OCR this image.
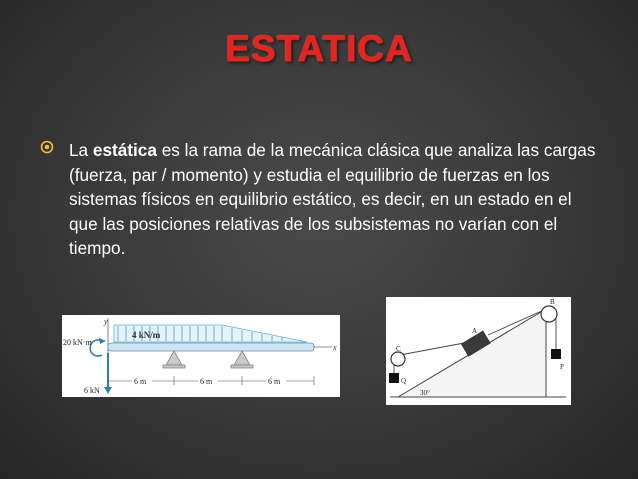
ESTATICA
La estática es la rama de la mecánica clásica que analiza las cargas (fuerza, par / momento) y estudia el equilibrio de fuerzas en los sistemas físicos en equilibrio estático, es decir, en un estado en el que las posiciones relativas de los subsistemas no varían con el tiempo.
y
4 kN/m
x
20 kN·m
6 kN
6 m	6 m	6 m
30°
C
B
A
Q
P
